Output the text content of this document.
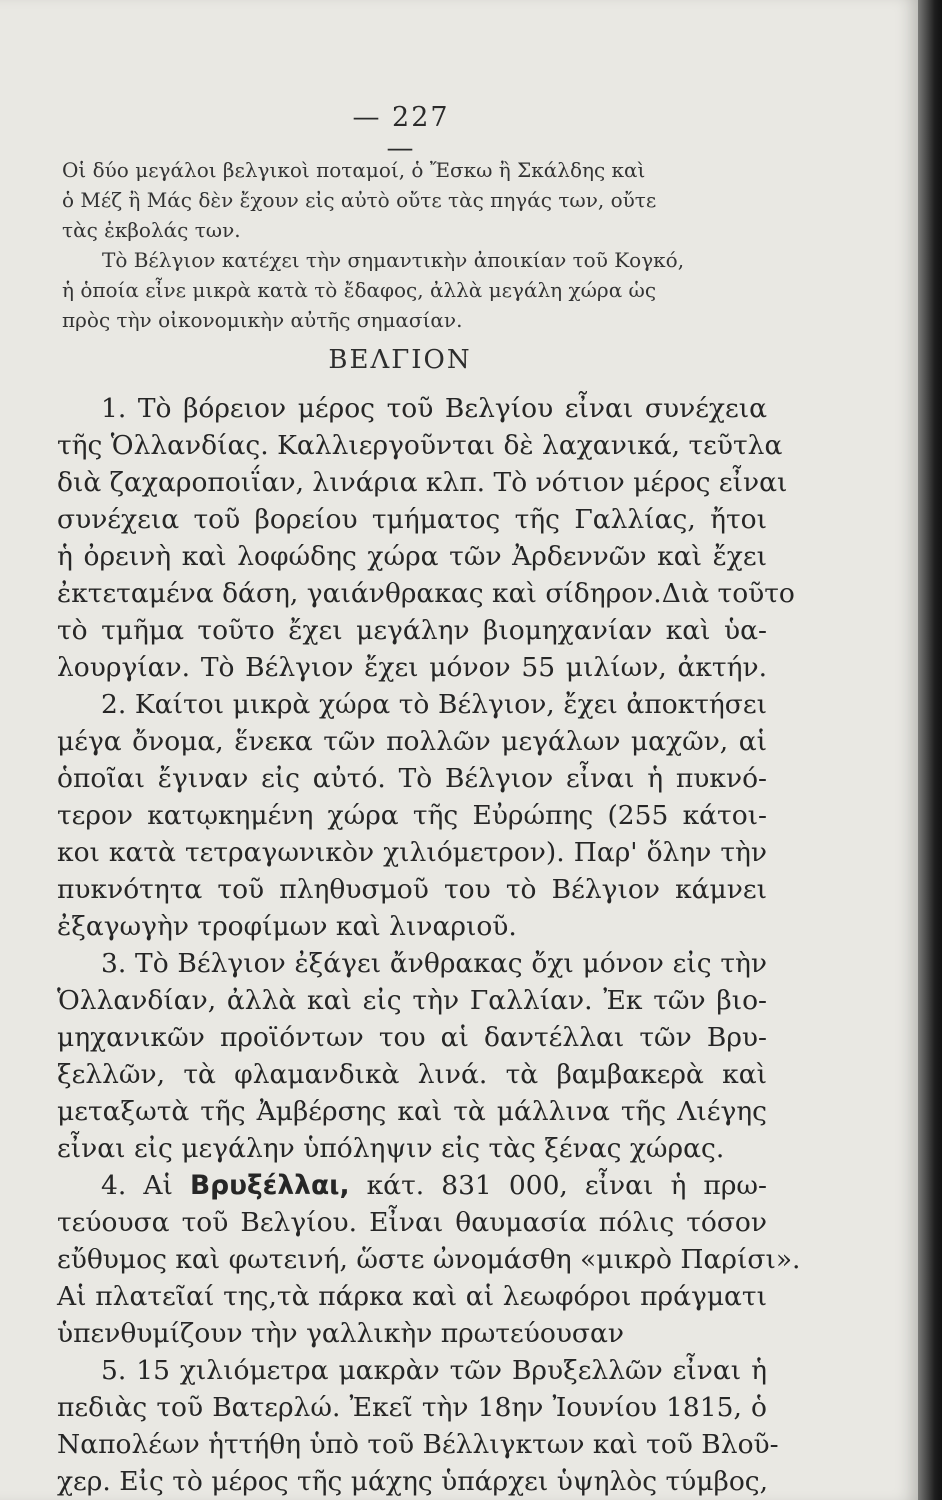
— 227 —
Οἱ δύο μεγάλοι βελγικοὶ ποταμοί, ὁ Ἔσκω ἢ Σκάλδης καὶ
ὁ Μέζ ἢ Μάς δὲν ἔχουν εἰς αὐτὸ οὔτε τὰς πηγάς των, οὔτε
τὰς ἐκβολάς των.
Τὸ Βέλγιον κατέχει τὴν σημαντικὴν ἀποικίαν τοῦ Κογκό,
ἡ ὁποία εἶνε μικρὰ κατὰ τὸ ἔδαφος, ἀλλὰ μεγάλη χώρα ὡς
πρὸς τὴν οἰκονομικὴν αὐτῆς σημασίαν.
ΒΕΛΓΙΟΝ
1. Τὸ βόρειον μέρος τοῦ Βελγίου εἶναι συνέχεια
τῆς Ὁλλανδίας. Καλλιεργοῦνται δὲ λαχανικά, τεῦτλα
διὰ ζαχαροποιΐαν, λινάρια κλπ. Τὸ νότιον μέρος εἶναι
συνέχεια τοῦ βορείου τμήματος τῆς Γαλλίας, ἤτοι
ἡ ὀρεινὴ καὶ λοφώδης χώρα τῶν Ἀρδεννῶν καὶ ἔχει
ἐκτεταμένα δάση, γαιάνθρακας καὶ σίδηρον.Διὰ τοῦτο
τὸ τμῆμα τοῦτο ἔχει μεγάλην βιομηχανίαν καὶ ὑα-
λουργίαν. Τὸ Βέλγιον ἔχει μόνον 55 μιλίων, ἀκτήν.
2. Καίτοι μικρὰ χώρα τὸ Βέλγιον, ἔχει ἀποκτήσει
μέγα ὄνομα, ἕνεκα τῶν πολλῶν μεγάλων μαχῶν, αἱ
ὁποῖαι ἔγιναν εἰς αὐτό. Τὸ Βέλγιον εἶναι ἡ πυκνό-
τερον κατῳκημένη χώρα τῆς Εὐρώπης (255 κάτοι-
κοι κατὰ τετραγωνικὸν χιλιόμετρον). Παρ' ὅλην τὴν
πυκνότητα τοῦ πληθυσμοῦ του τὸ Βέλγιον κάμνει
ἐξαγωγὴν τροφίμων καὶ λιναριοῦ.
3. Τὸ Βέλγιον ἐξάγει ἄνθρακας ὄχι μόνον εἰς τὴν
Ὁλλανδίαν, ἀλλὰ καὶ εἰς τὴν Γαλλίαν. Ἐκ τῶν βιο-
μηχανικῶν προϊόντων του αἱ δαντέλλαι τῶν Βρυ-
ξελλῶν, τὰ φλαμανδικὰ λινά. τὰ βαμβακερὰ καὶ
μεταξωτὰ τῆς Ἀμβέρσης καὶ τὰ μάλλινα τῆς Λιέγης
εἶναι εἰς μεγάλην ὑπόληψιν εἰς τὰς ξένας χώρας.
4. Αἱ Βρυξέλλαι, κάτ. 831 000, εἶναι ἡ πρω-
τεύουσα τοῦ Βελγίου. Εἶναι θαυμασία πόλις τόσον
εὔθυμος καὶ φωτεινή, ὥστε ὠνομάσθη «μικρὸ Παρίσι».
Αἱ πλατεῖαί της,τὰ πάρκα καὶ αἱ λεωφόροι πράγματι
ὑπενθυμίζουν τὴν γαλλικὴν πρωτεύουσαν
5. 15 χιλιόμετρα μακρὰν τῶν Βρυξελλῶν εἶναι ἡ
πεδιὰς τοῦ Βατερλώ. Ἐκεῖ τὴν 18ην Ἰουνίου 1815, ὁ
Ναπολέων ἡττήθη ὑπὸ τοῦ Βέλλιγκτων καὶ τοῦ Βλοῦ-
χερ. Εἰς τὸ μέρος τῆς μάχης ὑπάρχει ὑψηλὸς τύμβος,
